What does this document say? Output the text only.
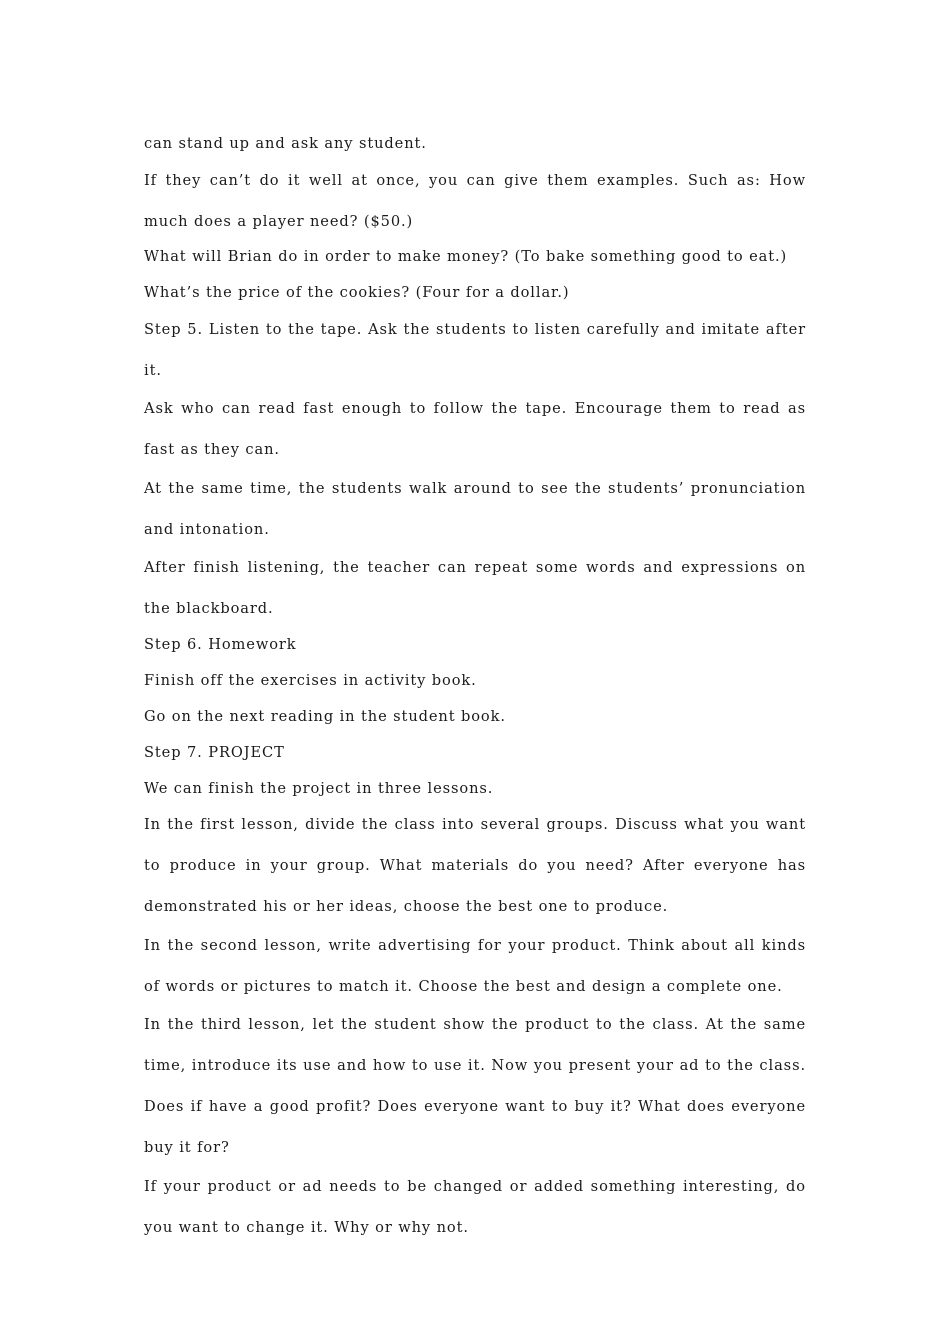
can stand up and ask any student.

If they can’t do it well at once, you can give them examples. Such as: How much does a player need? ($50.)

What will Brian do in order to make money? (To bake something good to eat.)

What’s the price of the cookies? (Four for a dollar.)

Step 5. Listen to the tape. Ask the students to listen carefully and imitate after it.

Ask who can read fast enough to follow the tape. Encourage them to read as fast as they can.

At the same time, the students walk around to see the students’ pronunciation and intonation.

After finish listening, the teacher can repeat some words and expressions on the blackboard.

Step 6. Homework

Finish off the exercises in activity book.

Go on the next reading in the student book.

Step 7. PROJECT

We can finish the project in three lessons.

In the first lesson, divide the class into several groups. Discuss what you want to produce in your group. What materials do you need? After everyone has demonstrated his or her ideas, choose the best one to produce.

In the second lesson, write advertising for your product. Think about all kinds of words or pictures to match it. Choose the best and design a complete one.

In the third lesson, let the student show the product to the class. At the same time, introduce its use and how to use it. Now you present your ad to the class. Does if have a good profit? Does everyone want to buy it? What does everyone buy it for?

If your product or ad needs to be changed or added something interesting, do you want to change it. Why or why not.
